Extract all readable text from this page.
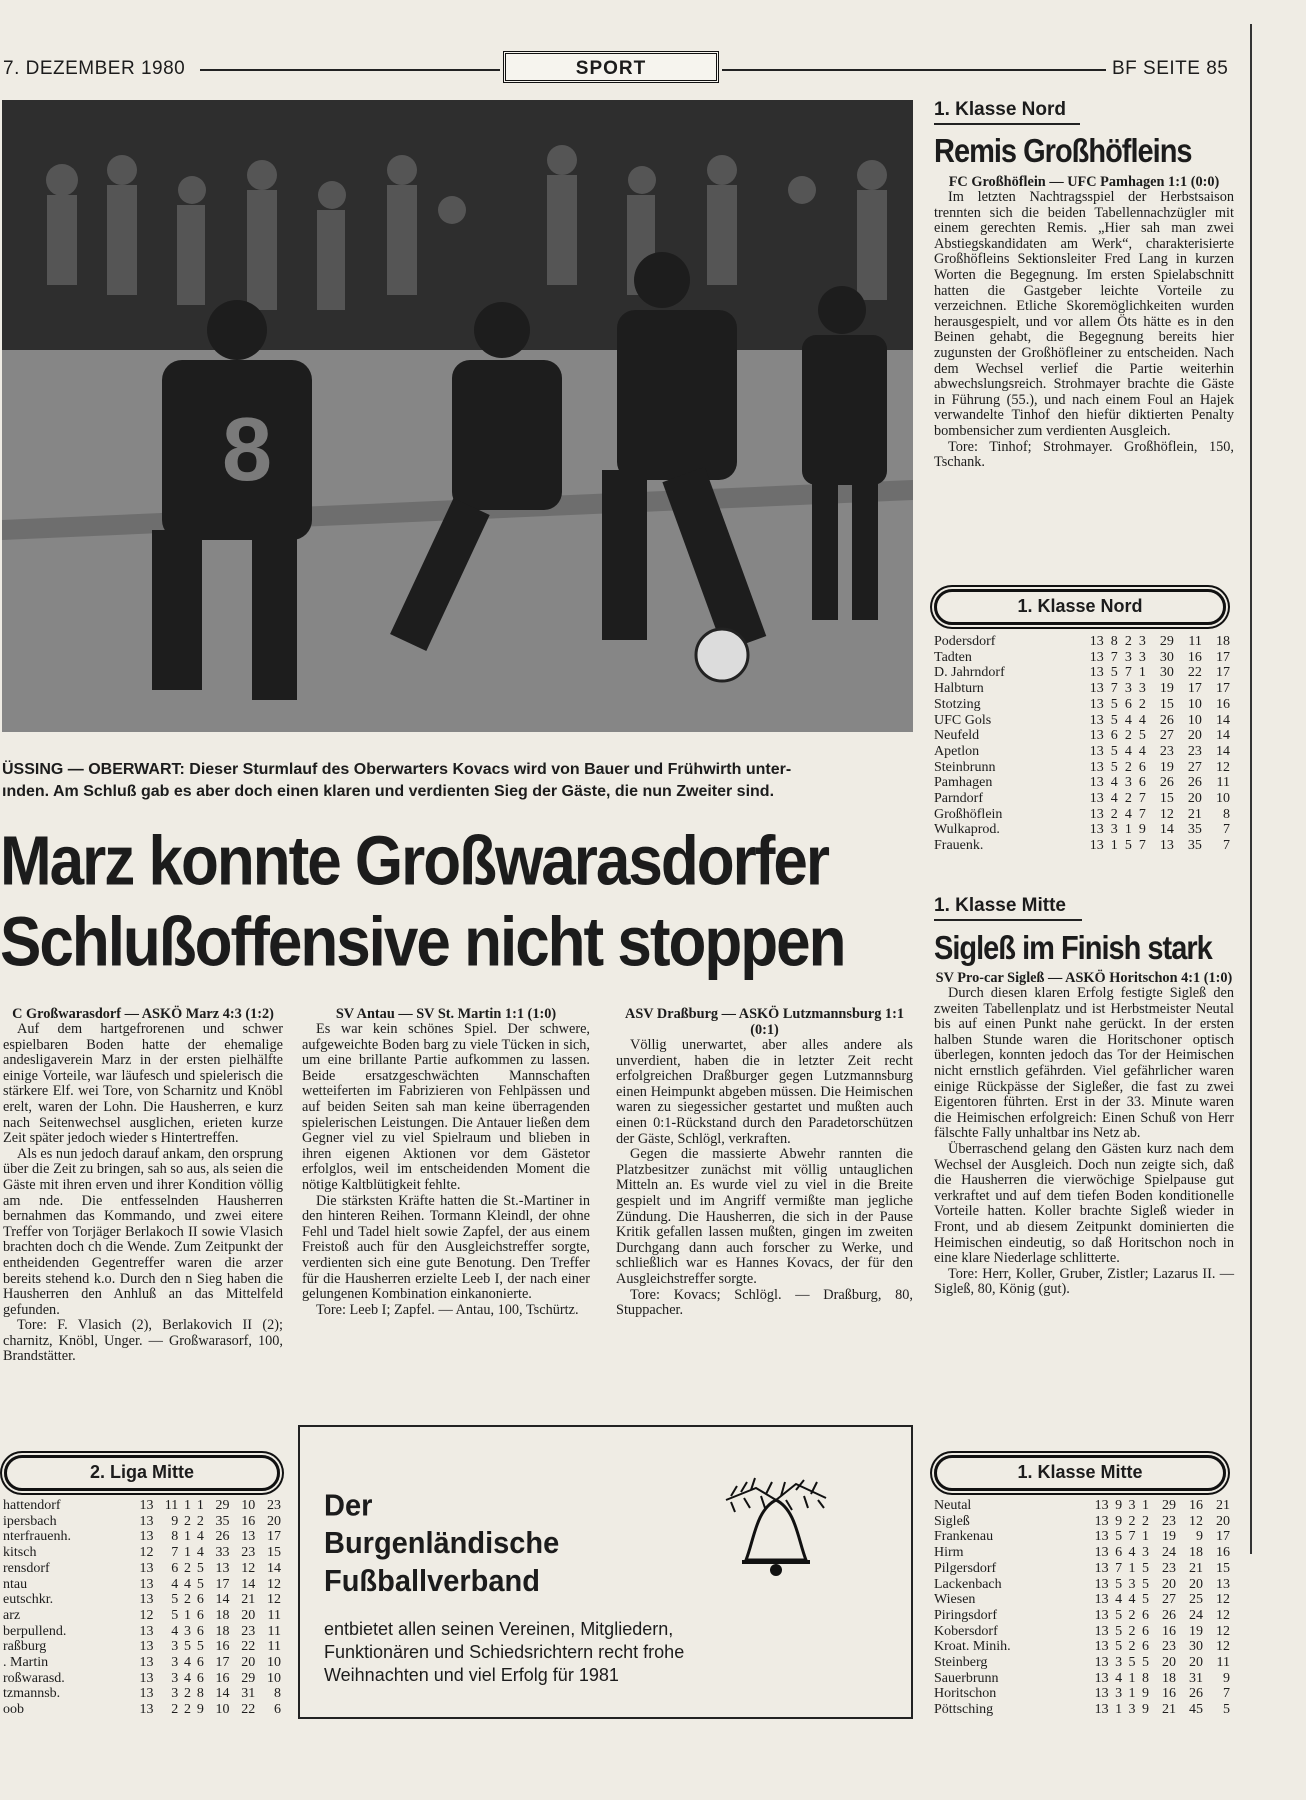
7. DEZEMBER 1980	SPORT	BF SEITE 85
8
ÜSSING — OBERWART: Dieser Sturmlauf des Oberwarters Kovacs wird von Bauer und Frühwirth unter-
ınden. Am Schluß gab es aber doch einen klaren und verdienten Sieg der Gäste, die nun Zweiter sind.
Marz konnte Großwarasdorfer
Schlußoffensive nicht stoppen

C Großwarasdorf — ASKÖ Marz 4:3 (1:2)

Auf dem hartgefrorenen und schwer espielbaren Boden hatte der ehemalige andesligaverein Marz in der ersten pielhälfte einige Vorteile, war läufesch und spielerisch die stärkere Elf. wei Tore, von Scharnitz und Knöbl erelt, waren der Lohn. Die Hausherren, e kurz nach Seitenwechsel ausglichen, erieten kurze Zeit später jedoch wieder s Hintertreffen.

Als es nun jedoch darauf ankam, den orsprung über die Zeit zu bringen, sah so aus, als seien die Gäste mit ihren erven und ihrer Kondition völlig am nde. Die entfesselnden Hausherren bernahmen das Kommando, und zwei eitere Treffer von Torjäger Berlakoch II sowie Vlasich brachten doch ch die Wende. Zum Zeitpunkt der entheidenden Gegentreffer waren die arzer bereits stehend k.o. Durch den n Sieg haben die Hausherren den Anhluß an das Mittelfeld gefunden.

Tore: F. Vlasich (2), Berlakovich II (2); charnitz, Knöbl, Unger. — Großwarasorf, 100, Brandstätter.

SV Antau — SV St. Martin 1:1 (1:0)

Es war kein schönes Spiel. Der schwere, aufgeweichte Boden barg zu viele Tücken in sich, um eine brillante Partie aufkommen zu lassen. Beide ersatzgeschwächten Mannschaften wetteiferten im Fabrizieren von Fehlpässen und auf beiden Seiten sah man keine überragenden spielerischen Leistungen. Die Antauer ließen dem Gegner viel zu viel Spielraum und blieben in ihren eigenen Aktionen vor dem Gästetor erfolglos, weil im entscheidenden Moment die nötige Kaltblütigkeit fehlte.

Die stärksten Kräfte hatten die St.-Martiner in den hinteren Reihen. Tormann Kleindl, der ohne Fehl und Tadel hielt sowie Zapfel, der aus einem Freistoß auch für den Ausgleichstreffer sorgte, verdienten sich eine gute Benotung. Den Treffer für die Hausherren erzielte Leeb I, der nach einer gelungenen Kombination einkanonierte.

Tore: Leeb I; Zapfel. — Antau, 100, Tschürtz.

ASV Draßburg — ASKÖ Lutzmannsburg 1:1 (0:1)

Völlig unerwartet, aber alles andere als unverdient, haben die in letzter Zeit recht erfolgreichen Draßburger gegen Lutzmannsburg einen Heimpunkt abgeben müssen. Die Heimischen waren zu siegessicher gestartet und mußten auch einen 0:1-Rückstand durch den Paradetorschützen der Gäste, Schlögl, verkraften.

Gegen die massierte Abwehr rannten die Platzbesitzer zunächst mit völlig untauglichen Mitteln an. Es wurde viel zu viel in die Breite gespielt und im Angriff vermißte man jegliche Zündung. Die Hausherren, die sich in der Pause Kritik gefallen lassen mußten, gingen im zweiten Durchgang dann auch forscher zu Werke, und schließlich war es Hannes Kovacs, der für den Ausgleichstreffer sorgte.

Tore: Kovacs; Schlögl. — Draßburg, 80, Stuppacher.

2. Liga Mitte
hattendorf	13	11	1	1	29	10	23
ipersbach	13	9	2	2	35	16	20
nterfrauenh.	13	8	1	4	26	13	17
kitsch	12	7	1	4	33	23	15
rensdorf	13	6	2	5	13	12	14
ntau	13	4	4	5	17	14	12
eutschkr.	13	5	2	6	14	21	12
arz	12	5	1	6	18	20	11
berpullend.	13	4	3	6	18	23	11
raßburg	13	3	5	5	16	22	11
. Martin	13	3	4	6	17	20	10
roßwarasd.	13	3	4	6	16	29	10
tzmannsb.	13	3	2	8	14	31	8
oob	13	2	2	9	10	22	6
Der
Burgenländische
Fußballverband
entbietet allen seinen Vereinen, Mitgliedern,
Funktionären und Schiedsrichtern recht frohe
Weihnachten und viel Erfolg für 1981
1. Klasse Nord
Remis Großhöfleins

FC Großhöflein — UFC Pamhagen 1:1 (0:0)

Im letzten Nachtragsspiel der Herbstsaison trennten sich die beiden Tabellennachzügler mit einem gerechten Remis. „Hier sah man zwei Abstiegskandidaten am Werk“, charakterisierte Großhöfleins Sektionsleiter Fred Lang in kurzen Worten die Begegnung. Im ersten Spielabschnitt hatten die Gastgeber leichte Vorteile zu verzeichnen. Etliche Skoremöglichkeiten wurden herausgespielt, und vor allem Öts hätte es in den Beinen gehabt, die Begegnung bereits hier zugunsten der Großhöfleiner zu entscheiden. Nach dem Wechsel verlief die Partie weiterhin abwechslungsreich. Strohmayer brachte die Gäste in Führung (55.), und nach einem Foul an Hajek verwandelte Tinhof den hiefür diktierten Penalty bombensicher zum verdienten Ausgleich.

Tore: Tinhof; Strohmayer. Großhöflein, 150, Tschank.

1. Klasse Nord
Podersdorf	13	8	2	3	29	11	18
Tadten	13	7	3	3	30	16	17
D. Jahrndorf	13	5	7	1	30	22	17
Halbturn	13	7	3	3	19	17	17
Stotzing	13	5	6	2	15	10	16
UFC Gols	13	5	4	4	26	10	14
Neufeld	13	6	2	5	27	20	14
Apetlon	13	5	4	4	23	23	14
Steinbrunn	13	5	2	6	19	27	12
Pamhagen	13	4	3	6	26	26	11
Parndorf	13	4	2	7	15	20	10
Großhöflein	13	2	4	7	12	21	8
Wulkaprod.	13	3	1	9	14	35	7
Frauenk.	13	1	5	7	13	35	7
1. Klasse Mitte
Sigleß im Finish stark

SV Pro-car Sigleß — ASKÖ Horitschon 4:1 (1:0)

Durch diesen klaren Erfolg festigte Sigleß den zweiten Tabellenplatz und ist Herbstmeister Neutal bis auf einen Punkt nahe gerückt. In der ersten halben Stunde waren die Horitschoner optisch überlegen, konnten jedoch das Tor der Heimischen nicht ernstlich gefährden. Viel gefährlicher waren einige Rückpässe der Sigleßer, die fast zu zwei Eigentoren führten. Erst in der 33. Minute waren die Heimischen erfolgreich: Einen Schuß von Herr fälschte Fally unhaltbar ins Netz ab.

Überraschend gelang den Gästen kurz nach dem Wechsel der Ausgleich. Doch nun zeigte sich, daß die Hausherren die vierwöchige Spielpause gut verkraftet und auf dem tiefen Boden konditionelle Vorteile hatten. Koller brachte Sigleß wieder in Front, und ab diesem Zeitpunkt dominierten die Heimischen eindeutig, so daß Horitschon noch in eine klare Niederlage schlitterte.

Tore: Herr, Koller, Gruber, Zistler; Lazarus II. — Sigleß, 80, König (gut).

1. Klasse Mitte
Neutal	13	9	3	1	29	16	21
Sigleß	13	9	2	2	23	12	20
Frankenau	13	5	7	1	19	9	17
Hirm	13	6	4	3	24	18	16
Pilgersdorf	13	7	1	5	23	21	15
Lackenbach	13	5	3	5	20	20	13
Wiesen	13	4	4	5	27	25	12
Piringsdorf	13	5	2	6	26	24	12
Kobersdorf	13	5	2	6	16	19	12
Kroat. Minih.	13	5	2	6	23	30	12
Steinberg	13	3	5	5	20	20	11
Sauerbrunn	13	4	1	8	18	31	9
Horitschon	13	3	1	9	16	26	7
Pöttsching	13	1	3	9	21	45	5
